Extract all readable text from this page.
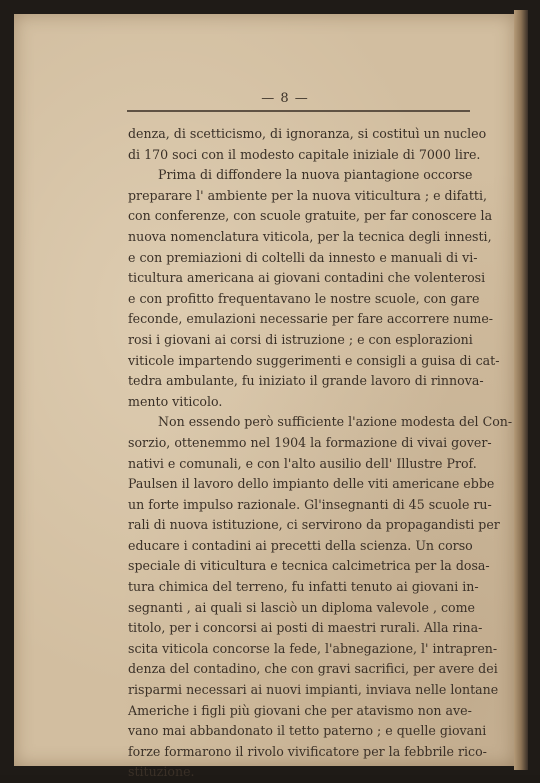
— 8 —
denza, di scetticismo, di ignoranza, si costituì un nucleo
di 170 soci con il modesto capitale iniziale di 7000 lire.
Prima di diffondere la nuova piantagione occorse
preparare l' ambiente per la nuova viticultura ; e difatti,
con conferenze, con scuole gratuite, per far conoscere la
nuova nomenclatura viticola, per la tecnica degli innesti,
e con premiazioni di coltelli da innesto e manuali di vi-
ticultura americana ai giovani contadini che volenterosi
e con profitto frequentavano le nostre scuole, con gare
feconde, emulazioni necessarie per fare accorrere nume-
rosi i giovani ai corsi di istruzione ; e con esplorazioni
viticole impartendo suggerimenti e consigli a guisa di cat-
tedra ambulante, fu iniziato il grande lavoro di rinnova-
mento viticolo.
Non essendo però sufficiente l'azione modesta del Con-
sorzio, ottenemmo nel 1904 la formazione di vivai gover-
nativi e comunali, e con l'alto ausilio dell' Illustre Prof.
Paulsen il lavoro dello impianto delle viti americane ebbe
un forte impulso razionale. Gl'insegnanti di 45 scuole ru-
rali di nuova istituzione, ci servirono da propagandisti per
educare i contadini ai precetti della scienza. Un corso
speciale di viticultura e tecnica calcimetrica per la dosa-
tura chimica del terreno, fu infatti tenuto ai giovani in-
segnanti , ai quali si lasciò un diploma valevole , come
titolo, per i concorsi ai posti di maestri rurali. Alla rina-
scita viticola concorse la fede, l'abnegazione, l' intrapren-
denza del contadino, che con gravi sacrifici, per avere dei
risparmi necessari ai nuovi impianti, inviava nelle lontane
Americhe i figli più giovani che per atavismo non ave-
vano mai abbandonato il tetto paterno ; e quelle giovani
forze formarono il rivolo vivificatore per la febbrile rico-
stituzione.
